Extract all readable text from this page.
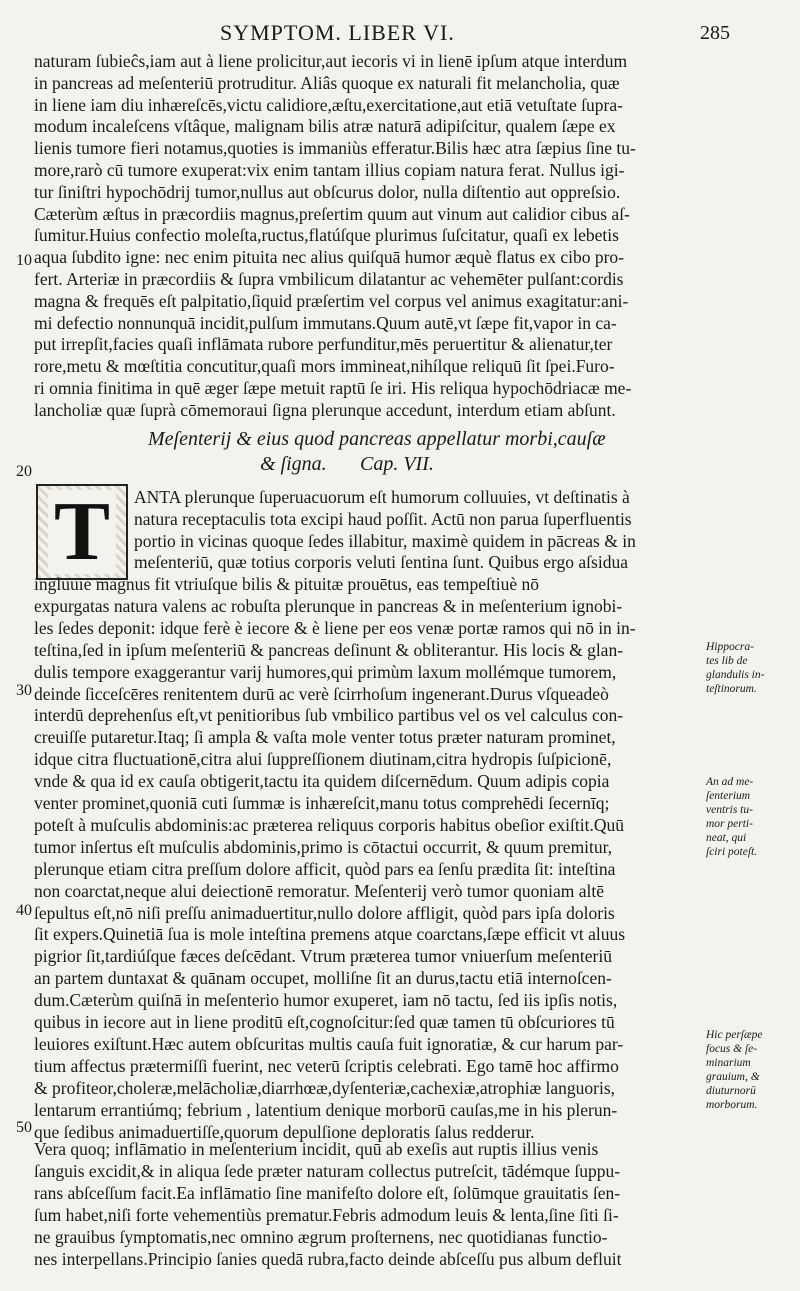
SYMPTOM. LIBER VI.	285
naturam ſubieĉs,iam aut à liene prolicitur,aut iecoris vi in lienē ipſum atque interdum
in pancreas ad meſenteriū protruditur. Aliâs quoque ex naturali fit melancholia, quæ
in liene iam diu inhæreſcēs,victu calidiore,æſtu,exercitatione,aut etiā vetuſtate ſupra-
modum incaleſcens vſtâque, malignam bilis atræ naturā adipiſcitur, qualem ſæpe ex
lienis tumore fieri notamus,quoties is immaniùs efferatur.Bilis hæc atra ſæpius ſine tu-
more,rarò cū tumore exuperat:vix enim tantam illius copiam natura ferat. Nullus igi-
tur ſiniſtri hypochōdrij tumor,nullus aut obſcurus dolor, nulla diſtentio aut oppreſsio.
Cæterùm æſtus in præcordiis magnus,preſertim quum aut vinum aut calidior cibus aſ-
ſumitur.Huius confectio moleſta,ructus,flatúſque plurimus ſuſcitatur, quaſi ex lebetis
aqua ſubdito igne: nec enim pituita nec alius quiſquā humor æquè flatus ex cibo pro-
fert. Arteriæ in præcordiis & ſupra vmbilicum dilatantur ac vehemēter pulſant:cordis
magna & frequēs eſt palpitatio,ſiquid præſertim vel corpus vel animus exagitatur:ani-
mi defectio nonnunquā incidit,pulſum immutans.Quum autē,vt ſæpe fit,vapor in ca-
put irrepſit,facies quaſi inflāmata rubore perfunditur,mēs peruertitur & alienatur,ter
rore,metu & mœſtitia concutitur,quaſi mors immineat,nihílque reliquū ſit ſpei.Furo-
ri omnia finitima in quē æger ſæpe metuit raptū ſe iri. His reliqua hypochōdriacæ me-
lancholiæ quæ ſuprà cōmemoraui ſigna plerunque accedunt, interdum etiam abſunt.
Meſenterij & eius quod pancreas appellatur morbi,cauſæ
& ſigna. Cap. VII.
T	ANTA plerunque ſuperuacuorum eſt humorum colluuies, vt deſtinatis à
natura receptaculis tota excipi haud poſſit. Actū non parua ſuperfluentis
portio in vicinas quoque ſedes illabitur, maximè quidem in pācreas & in
meſenteriū, quæ totius corporis veluti ſentina ſunt. Quibus ergo aſsidua
ingluuie magnus fit vtriuſque bilis & pituitæ prouētus, eas tempeſtiuè nō
expurgatas natura valens ac robuſta plerunque in pancreas & in meſenterium ignobi-
les ſedes deponit: idque ferè è iecore & è liene per eos venæ portæ ramos qui nō in in-
teſtina,ſed in ipſum meſenteriū & pancreas deſinunt & obliterantur. His locis & glan-
dulis tempore exaggerantur varij humores,qui primùm laxum mollémque tumorem,
deinde ſicceſcēres renitentem durū ac verè ſcirrhoſum ingenerant.Durus vſqueadeò
interdū deprehenſus eſt,vt penitioribus ſub vmbilico partibus vel os vel calculus con-
creuiſſe putaretur.Itaq; ſi ampla & vaſta mole venter totus præter naturam prominet,
idque citra fluctuationē,citra alui ſuppreſſionem diutinam,citra hydropis ſuſpicionē,
vnde & qua id ex cauſa obtigerit,tactu ita quidem diſcernēdum. Quum adipis copia
venter prominet,quoniā cuti ſummæ is inhæreſcit,manu totus comprehēdi ſecernīq;
poteſt à muſculis abdominis:ac præterea reliquus corporis habitus obeſior exiſtit.Quū
tumor inſertus eſt muſculis abdominis,primo is cōtactui occurrit, & quum premitur,
plerunque etiam citra preſſum dolore afficit, quòd pars ea ſenſu prædita ſit: inteſtina
non coarctat,neque alui deiectionē remoratur. Meſenterij verò tumor quoniam altē
ſepultus eſt,nō niſi preſſu animaduertitur,nullo dolore affligit, quòd pars ipſa doloris
ſit expers.Quinetiā ſua is mole inteſtina premens atque coarctans,ſæpe efficit vt aluus
pigrior ſit,tardiúſque fæces deſcēdant. Vtrum præterea tumor vniuerſum meſenteriū
an partem duntaxat & quānam occupet, molliſne ſit an durus,tactu etiā internoſcen-
dum.Cæterùm quiſnā in meſenterio humor exuperet, iam nō tactu, ſed iis ipſis notis,
quibus in iecore aut in liene proditū eſt,cognoſcitur:ſed quæ tamen tū obſcuriores tū
leuiores exiſtunt.Hæc autem obſcuritas multis cauſa fuit ignoratiæ, & cur harum par-
tium affectus prætermiſſi fuerint, nec veterū ſcriptis celebrati. Ego tamē hoc affirmo
& profiteor,choleræ,melācholiæ,diarrhœæ,dyſenteriæ,cachexiæ,atrophiæ languoris,
lentarum errantiúmq; febrium , latentium denique morborū cauſas,me in his plerun-
que ſedibus animaduertiſſe,quorum depulſione deploratis ſalus redderur.
Vera quoq; inflāmatio in meſenterium incidit, quū ab exeſis aut ruptis illius venis
ſanguis excidit,& in aliqua ſede præter naturam collectus putreſcit, tādémque ſuppu-
rans abſceſſum facit.Ea inflāmatio ſine manifeſto dolore eſt, ſolūmque grauitatis ſen-
ſum habet,niſi forte vehementiùs prematur.Febris admodum leuis & lenta,ſine ſiti ſi-
ne grauibus ſymptomatis,nec omnino ægrum proſternens, nec quotidianas functio-
nes interpellans.Principio ſanies quedā rubra,facto deinde abſceſſu pus album defluit
10
20
30
40
50
Hippocra-
tes lib de
glandulis in-
teſtinorum.
An ad me-
ſenterium
ventris tu-
mor perti-
neat, qui
ſciri poteſt.
Hic perſæpe
focus & ſe-
minarium
grauium, &
diuturnorū
morborum.
